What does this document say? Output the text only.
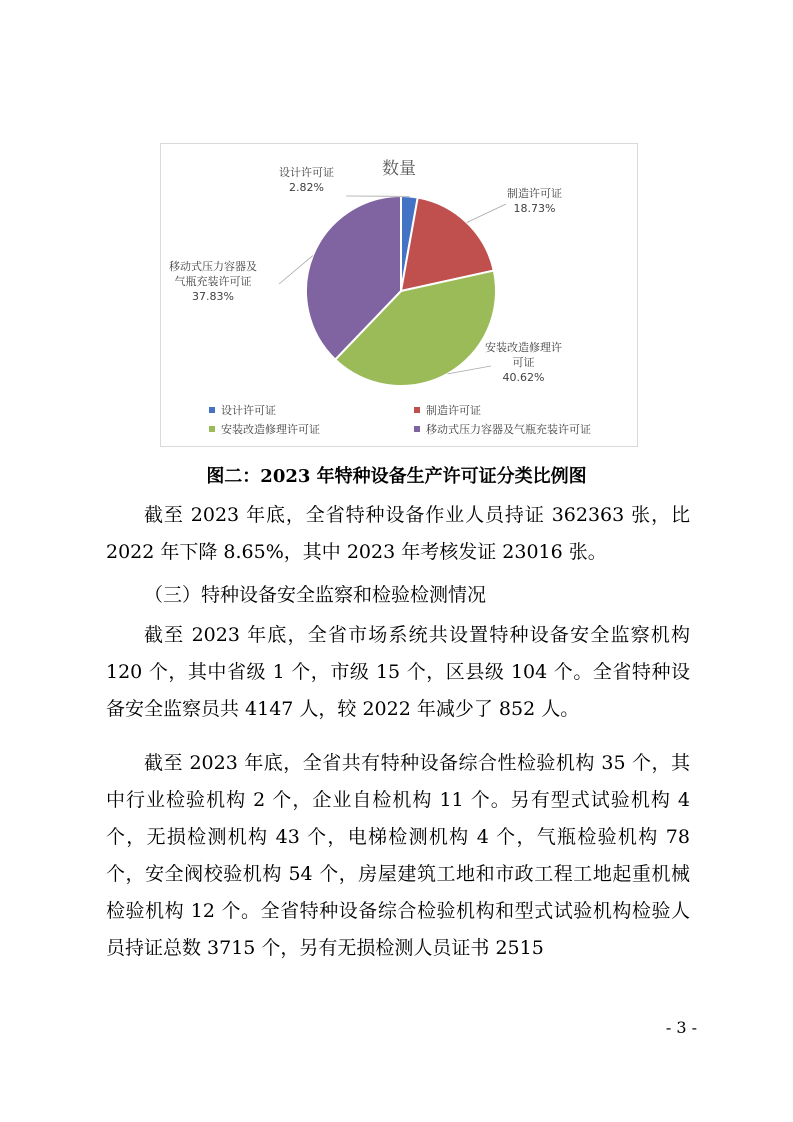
数量
设计许可证
2.82%	制造许可证
18.73%
安装改造修理许
可证
40.62%
移动式压力容器及
气瓶充装许可证
37.83%
设计许可证	制造许可证
安装改造修理许可证	移动式压力容器及气瓶充装许可证
图二：2023 年特种设备生产许可证分类比例图

截至 2023 年底，全省特种设备作业人员持证 362363 张，比 2022 年下降 8.65%，其中 2023 年考核发证 23016 张。

（三）特种设备安全监察和检验检测情况

截至 2023 年底，全省市场系统共设置特种设备安全监察机构 120 个，其中省级 1 个，市级 15 个，区县级 104 个。全省特种设备安全监察员共 4147 人，较 2022 年减少了 852 人。

截至 2023 年底，全省共有特种设备综合性检验机构 35 个，其中行业检验机构 2 个，企业自检机构 11 个。另有型式试验机构 4 个，无损检测机构 43 个，电梯检测机构 4 个，气瓶检验机构 78 个，安全阀校验机构 54 个，房屋建筑工地和市政工程工地起重机械检验机构 12 个。全省特种设备综合检验机构和型式试验机构检验人员持证总数 3715 个，另有无损检测人员证书 2515

- 3 -
